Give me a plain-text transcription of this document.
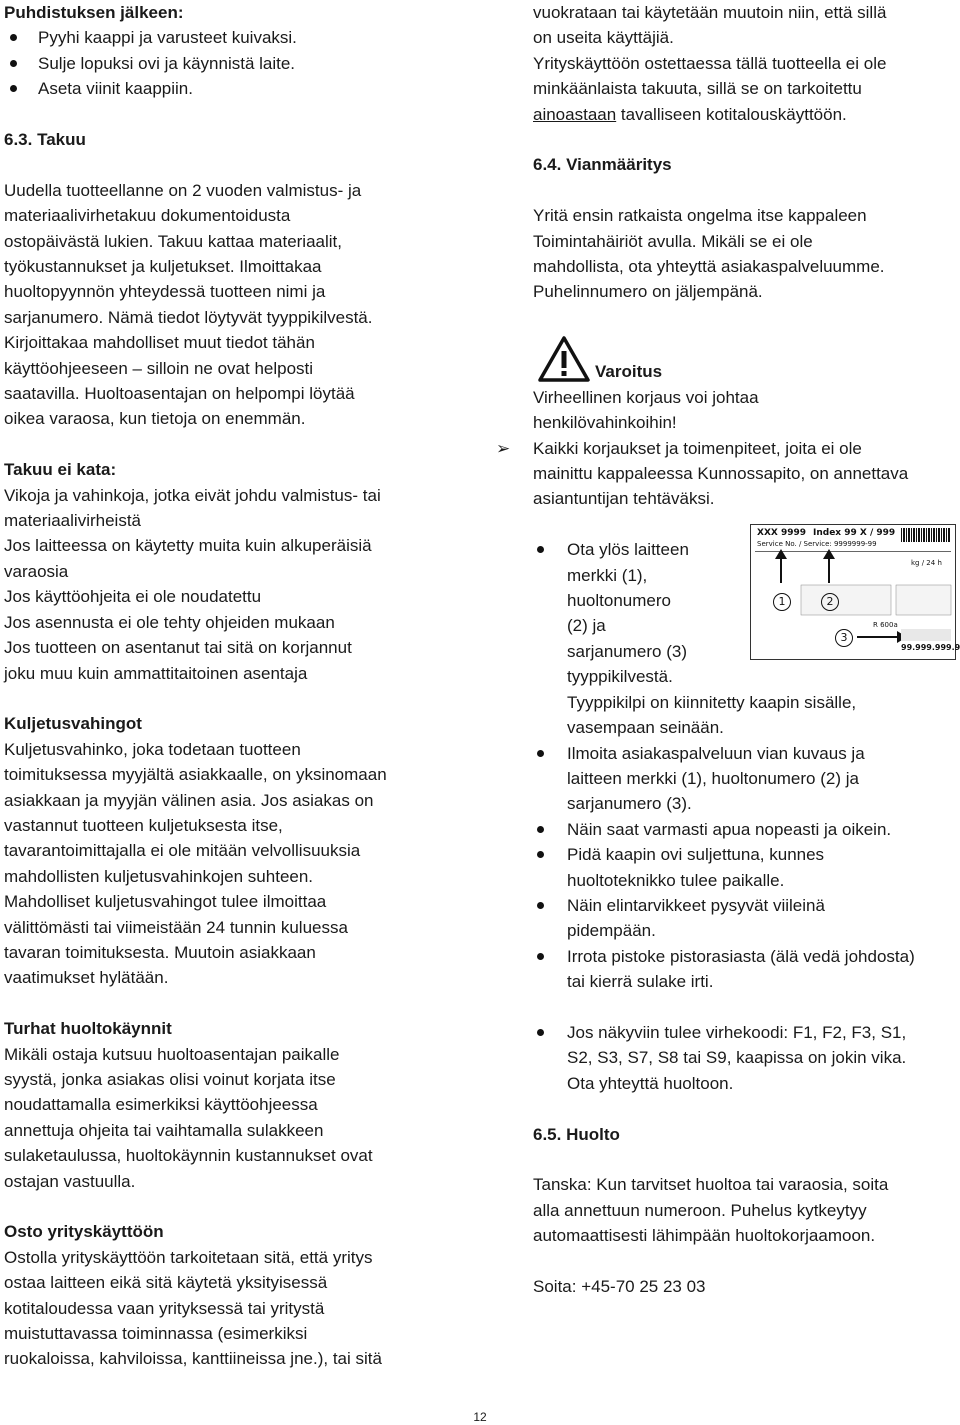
Puhdistuksen jälkeen:

Pyyhi kaappi ja varusteet kuivaksi.
Sulje lopuksi ovi ja käynnistä laite.
Aseta viinit kaappiin.

6.3. Takuu

Uudella tuotteellanne on 2 vuoden valmistus- ja

materiaalivirhetakuu dokumentoidusta

ostopäivästä lukien. Takuu kattaa materiaalit,

työkustannukset ja kuljetukset. Ilmoittakaa

huoltopyynnön yhteydessä tuotteen nimi ja

sarjanumero. Nämä tiedot löytyvät tyyppikilvestä.

Kirjoittakaa mahdolliset muut tiedot tähän

käyttöohjeeseen – silloin ne ovat helposti

saatavilla. Huoltoasentajan on helpompi löytää

oikea varaosa, kun tietoja on enemmän.

Takuu ei kata:

Vikoja ja vahinkoja, jotka eivät johdu valmistus- tai

materiaalivirheistä

Jos laitteessa on käytetty muita kuin alkuperäisiä

varaosia

Jos käyttöohjeita ei ole noudatettu

Jos asennusta ei ole tehty ohjeiden mukaan

Jos tuotteen on asentanut tai sitä on korjannut

joku muu kuin ammattitaitoinen asentaja

Kuljetusvahingot

Kuljetusvahinko, joka todetaan tuotteen

toimituksessa myyjältä asiakkaalle, on yksinomaan

asiakkaan ja myyjän välinen asia. Jos asiakas on

vastannut tuotteen kuljetuksesta itse,

tavarantoimittajalla ei ole mitään velvollisuuksia

mahdollisten kuljetusvahinkojen suhteen.

Mahdolliset kuljetusvahingot tulee ilmoittaa

välittömästi tai viimeistään 24 tunnin kuluessa

tavaran toimituksesta. Muutoin asiakkaan

vaatimukset hylätään.

Turhat huoltokäynnit

Mikäli ostaja kutsuu huoltoasentajan paikalle

syystä, jonka asiakas olisi voinut korjata itse

noudattamalla esimerkiksi käyttöohjeessa

annettuja ohjeita tai vaihtamalla sulakkeen

sulaketaulussa, huoltokäynnin kustannukset ovat

ostajan vastuulla.

Osto yrityskäyttöön

Ostolla yrityskäyttöön tarkoitetaan sitä, että yritys

ostaa laitteen eikä sitä käytetä yksityisessä

kotitaloudessa vaan yrityksessä tai yritystä

muistuttavassa toiminnassa (esimerkiksi

ruokaloissa, kahviloissa, kanttiineissa jne.), tai sitä

vuokrataan tai käytetään muutoin niin, että sillä

on useita käyttäjiä.

Yrityskäyttöön ostettaessa tällä tuotteella ei ole

minkäänlaista takuuta, sillä se on tarkoitettu

ainoastaan tavalliseen kotitalouskäyttöön.

6.4. Vianmääritys

Yritä ensin ratkaista ongelma itse kappaleen

Toimintahäiriöt avulla. Mikäli se ei ole

mahdollista, ota yhteyttä asiakaspalveluumme.

Puhelinnumero on jäljempänä.

Varoitus

Virheellinen korjaus voi johtaa

henkilövahinkoihin!

➢ Kaikki korjaukset ja toimenpiteet, joita ei ole

mainittu kappaleessa Kunnossapito, on annettava

asiantuntijan tehtäväksi.

Ota ylös laitteen

merkki (1),

huoltonumero

(2) ja

sarjanumero (3)

tyyppikilvestä.

Tyyppikilpi on kiinnitetty kaapin sisälle,

vasempaan seinään.

Ilmoita asiakaspalveluun vian kuvaus ja

laitteen merkki (1), huoltonumero (2) ja

sarjanumero (3).

Näin saat varmasti apua nopeasti ja oikein.

Pidä kaapin ovi suljettuna, kunnes

huoltoteknikko tulee paikalle.

Näin elintarvikkeet pysyvät viileinä

pidempään.

Irrota pistoke pistorasiasta (älä vedä johdosta)

tai kierrä sulake irti.

Jos näkyviin tulee virhekoodi: F1, F2, F3, S1,

S2, S3, S7, S8 tai S9, kaapissa on jokin vika.

Ota yhteyttä huoltoon.

6.5. Huolto

Tanska: Kun tarvitset huoltoa tai varaosia, soita

alla annettuun numeroon. Puhelus kytkeytyy

automaattisesti lähimpään huoltokorjaamoon.

Soita: +45-70 25 23 03

XXX 9999 Index 99 X / 999
Service No. / Service: 9999999-99
1	2
3
kg / 24 h
R 600a
99.999.999.9
12
